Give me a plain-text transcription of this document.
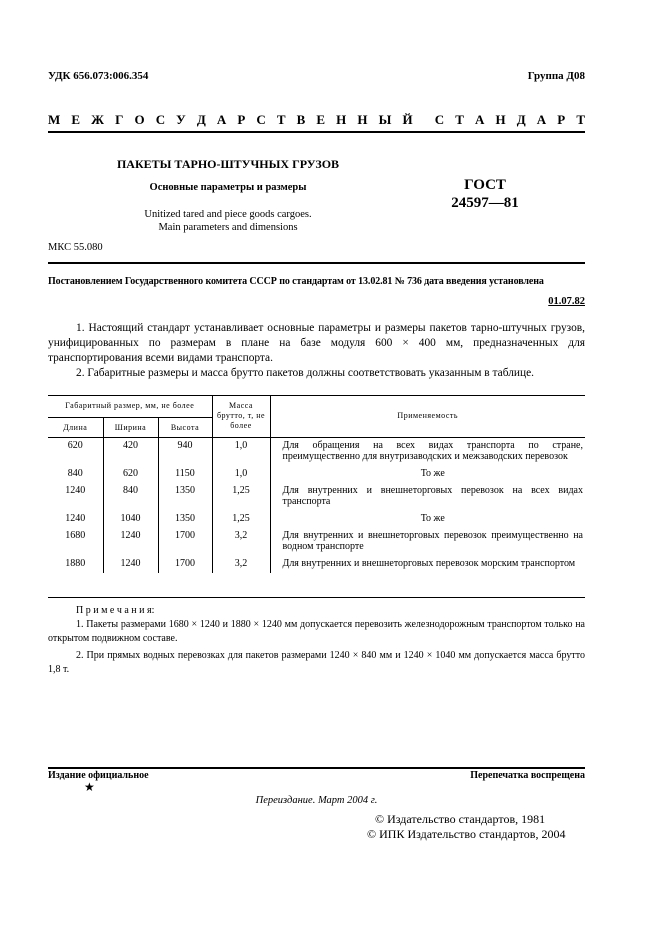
УДК 656.073:006.354	Группа Д08
М Е Ж Г О С У Д А Р С Т В Е Н Н Ы Й С Т А Н Д А Р Т
ПАКЕТЫ ТАРНО-ШТУЧНЫХ ГРУЗОВ
Основные параметры и размеры
Unitized tared and piece goods cargoes.
Main parameters and dimensions
ГОСТ
24597—81
МКС 55.080
Постановлением Государственного комитета СССР по стандартам от 13.02.81 № 736 дата введения установлена
01.07.82

1. Настоящий стандарт устанавливает основные параметры и размеры пакетов тарно-штучных грузов, унифицированных по размерам в плане на базе модуля 600 × 400 мм, предназначенных для транспортирования всеми видами транспорта.

2. Габаритные размеры и масса брутто пакетов должны соответствовать указанным в таблице.

Габаритный размер, мм, не более			Масса брутто, т, не более	Применяемость
Длина	Ширина	Высота		
620	420	940	1,0	Для обращения на всех видах транспорта по стране, преимущественно для внутризаводских и межзаводских перевозок
840	620	1150	1,0	То же
1240	840	1350	1,25	Для внутренних и внешнеторговых перевозок на всех видах транспорта
1240	1040	1350	1,25	То же
1680	1240	1700	3,2	Для внутренних и внешнеторговых перевозок преимущественно на водном транспорте
1880	1240	1700	3,2	Для внутренних и внешнеторговых перевозок морским транспортом
П р и м е ч а н и я:

1. Пакеты размерами 1680 × 1240 и 1880 × 1240 мм допускается перевозить железнодорожным транспортом только на открытом подвижном составе.

2. При прямых водных перевозках для пакетов размерами 1240 × 840 мм и 1240 × 1040 мм допускается масса брутто 1,8 т.

Издание официальное
★
Перепечатка воспрещена
Переиздание. Март 2004 г.
© Издательство стандартов, 1981
© ИПК Издательство стандартов, 2004
